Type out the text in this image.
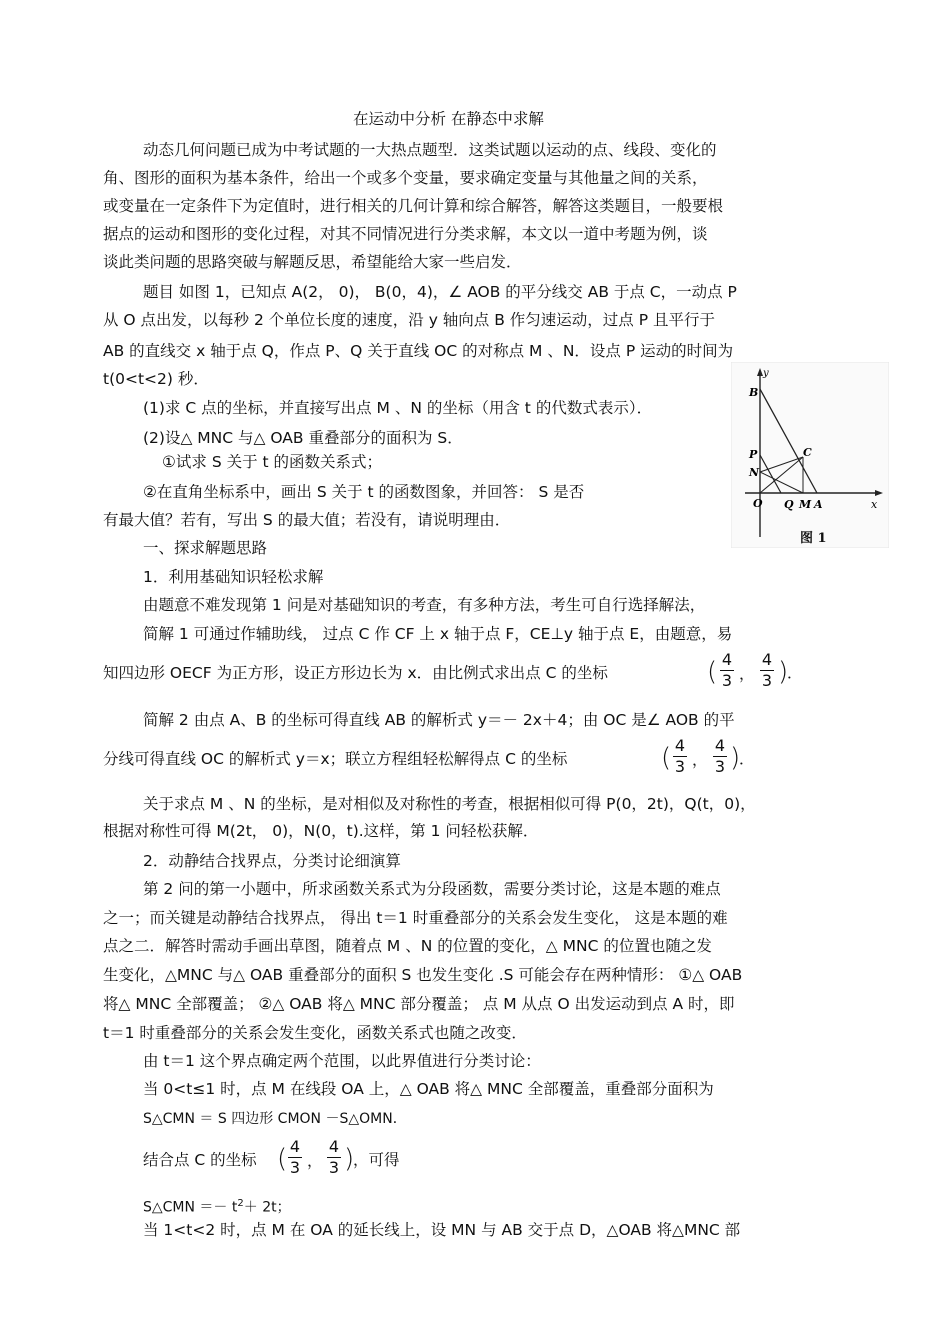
在运动中分析 在静态中求解
动态几何问题已成为中考试题的一大热点题型．这类试题以运动的点、线段、变化的
角、图形的面积为基本条件，给出一个或多个变量，要求确定变量与其他量之间的关系，
或变量在一定条件下为定值时，进行相关的几何计算和综合解答，解答这类题目，一般要根
据点的运动和图形的变化过程，对其不同情况进行分类求解，本文以一道中考题为例，谈
谈此类问题的思路突破与解题反思，希望能给大家一些启发．
题目 如图 1，已知点 A(2， 0)， B(0，4)，∠ AOB 的平分线交 AB 于点 C，一动点 P
从 O 点出发，以每秒 2 个单位长度的速度，沿 y 轴向点 B 作匀速运动，过点 P 且平行于
AB 的直线交 x 轴于点 Q，作点 P、Q 关于直线 OC 的对称点 M 、N．设点 P 运动的时间为
t(0<t<2) 秒．
(1)求 C 点的坐标，并直接写出点 M 、N 的坐标（用含 t 的代数式表示）．
(2)设△ MNC 与△ OAB 重叠部分的面积为 S．
①试求 S 关于 t 的函数关系式；
②在直角坐标系中，画出 S 关于 t 的函数图象，并回答： S 是否
有最大值？若有，写出 S 的最大值；若没有，请说明理由．
y
x
B
P
N
C
O Q M A
图 1
一、探求解题思路
1．利用基础知识轻松求解
由题意不难发现第 1 问是对基础知识的考查，有多种方法，考生可自行选择解法，
简解 1 可通过作辅助线， 过点 C 作 CF 上 x 轴于点 F，CE⊥y 轴于点 E，由题意，易
知四边形 OECF 为正方形，设正方形边长为 x．由比例式求出点 C 的坐标	( 4
3 ，
4
3 )
．
简解 2 由点 A、B 的坐标可得直线 AB 的解析式 y＝－ 2x＋4；由 OC 是∠ AOB 的平
分线可得直线 OC 的解析式 y＝x；联立方程组轻松解得点 C 的坐标	( 4
3 ，
4
3 )
．
关于求点 M 、N 的坐标，是对相似及对称性的考查，根据相似可得 P(0，2t)，Q(t，0)，
根据对称性可得 M(2t， 0)，N(0，t).这样，第 1 问轻松获解．
2．动静结合找界点，分类讨论细演算
第 2 问的第一小题中，所求函数关系式为分段函数，需要分类讨论，这是本题的难点
之一；而关键是动静结合找界点， 得出 t＝1 时重叠部分的关系会发生变化， 这是本题的难
点之二．解答时需动手画出草图，随着点 M 、N 的位置的变化，△ MNC 的位置也随之发
生变化，△MNC 与△ OAB 重叠部分的面积 S 也发生变化 .S 可能会存在两种情形： ①△ OAB
将△ MNC 全部覆盖； ②△ OAB 将△ MNC 部分覆盖； 点 M 从点 O 出发运动到点 A 时，即
t＝1 时重叠部分的关系会发生变化，函数关系式也随之改变．
由 t＝1 这个界点确定两个范围，以此界值进行分类讨论：
当 0<t≤1 时，点 M 在线段 OA 上，△ OAB 将△ MNC 全部覆盖，重叠部分面积为
S△CMN ＝ S 四边形 CMON －S△OMN．
结合点 C 的坐标 ( 4
3 ，
4
3 )
，可得
S△CMN ＝－ $t^2+ 2t$；
当 1<t<2 时，点 M 在 OA 的延长线上，设 MN 与 AB 交于点 D，△OAB 将△MNC 部
